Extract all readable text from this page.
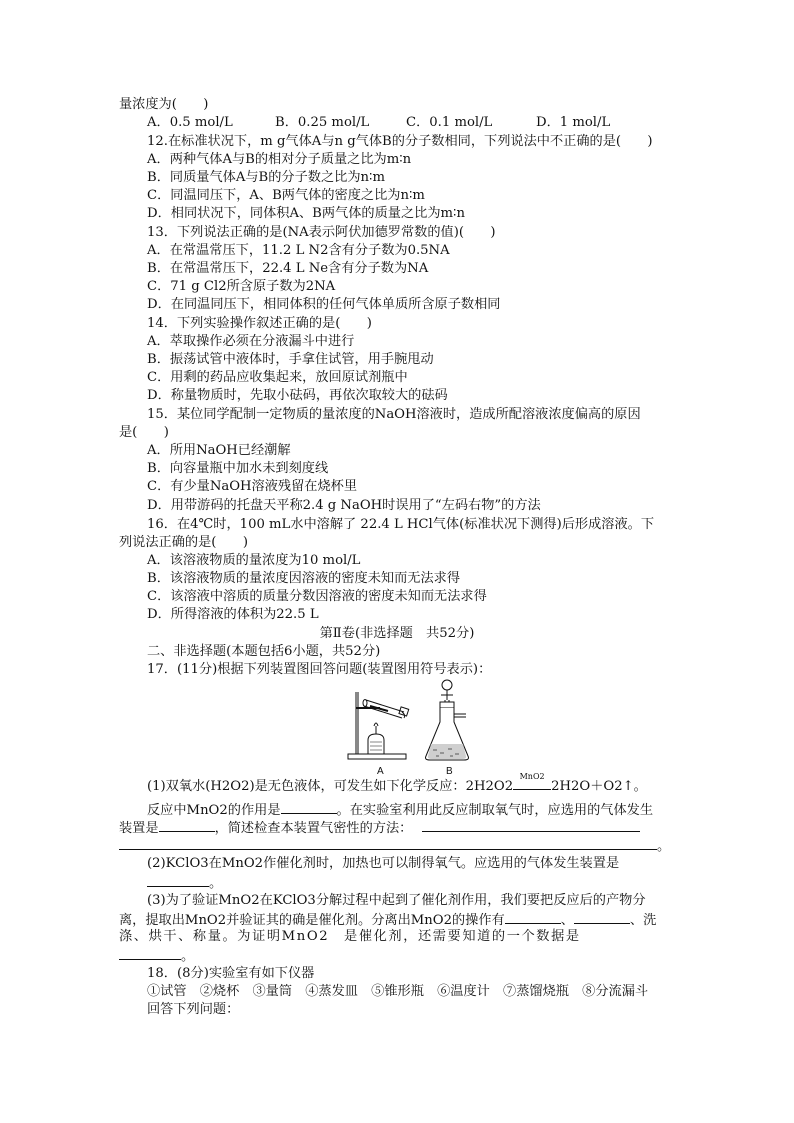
量浓度为(　　)
A．0.5 mol/L	B．0.25 mol/L	C．0.1 mol/L	D．1 mol/L
12.在标准状况下，m g气体A与n g气体B的分子数相同，下列说法中不正确的是(　　)
A．两种气体A与B的相对分子质量之比为m∶n
B．同质量气体A与B的分子数之比为n∶m
C．同温同压下，A、B两气体的密度之比为n∶m
D．相同状况下，同体积A、B两气体的质量之比为m∶n
13．下列说法正确的是(NA表示阿伏加德罗常数的值)(　　)
A．在常温常压下，11.2 L N2含有分子数为0.5NA
B．在常温常压下，22.4 L Ne含有分子数为NA
C．71 g Cl2所含原子数为2NA
D．在同温同压下，相同体积的任何气体单质所含原子数相同
14．下列实验操作叙述正确的是(　　)
A．萃取操作必须在分液漏斗中进行
B．振荡试管中液体时，手拿住试管，用手腕甩动
C．用剩的药品应收集起来，放回原试剂瓶中
D．称量物质时，先取小砝码，再依次取较大的砝码
15．某位同学配制一定物质的量浓度的NaOH溶液时，造成所配溶液浓度偏高的原因
是(　　)
A．所用NaOH已经潮解
B．向容量瓶中加水未到刻度线
C．有少量NaOH溶液残留在烧杯里
D．用带游码的托盘天平称2.4 g NaOH时误用了“左码右物”的方法
16．在4℃时，100 mL水中溶解了 22.4 L HCl气体(标准状况下测得)后形成溶液。下
列说法正确的是(　　)
A．该溶液物质的量浓度为10 mol/L
B．该溶液物质的量浓度因溶液的密度未知而无法求得
C．该溶液中溶质的质量分数因溶液的密度未知而无法求得
D．所得溶液的体积为22.5 L
第Ⅱ卷(非选择题　共52分)
二、非选择题(本题包括6小题，共52分)
17．(11分)根据下列装置图回答问题(装置图用符号表示)：
A	B
(1)双氧水(H2O2)是无色液体，可发生如下化学反应：2H2O2
MnO2
2H2O＋O2↑。
反应中MnO2的作用是	。在实验室利用此反应制取氧气时，应选用的气体发生
装置是	，简述检查本装置气密性的方法：
。
(2)KClO3在MnO2作催化剂时，加热也可以制得氧气。应选用的气体发生装置是
。
(3)为了验证MnO2在KClO3分解过程中起到了催化剂作用，我们要把反应后的产物分
离，提取出MnO2并验证其的确是催化剂。分离出MnO2的操作有	、	、洗
涤、烘干、称量。为证明MnO2　是催化剂，还需要知道的一个数据是
。
18．(8分)实验室有如下仪器
①试管　②烧杯　③量筒　④蒸发皿　⑤锥形瓶　⑥温度计　⑦蒸馏烧瓶　⑧分流漏斗
回答下列问题：
